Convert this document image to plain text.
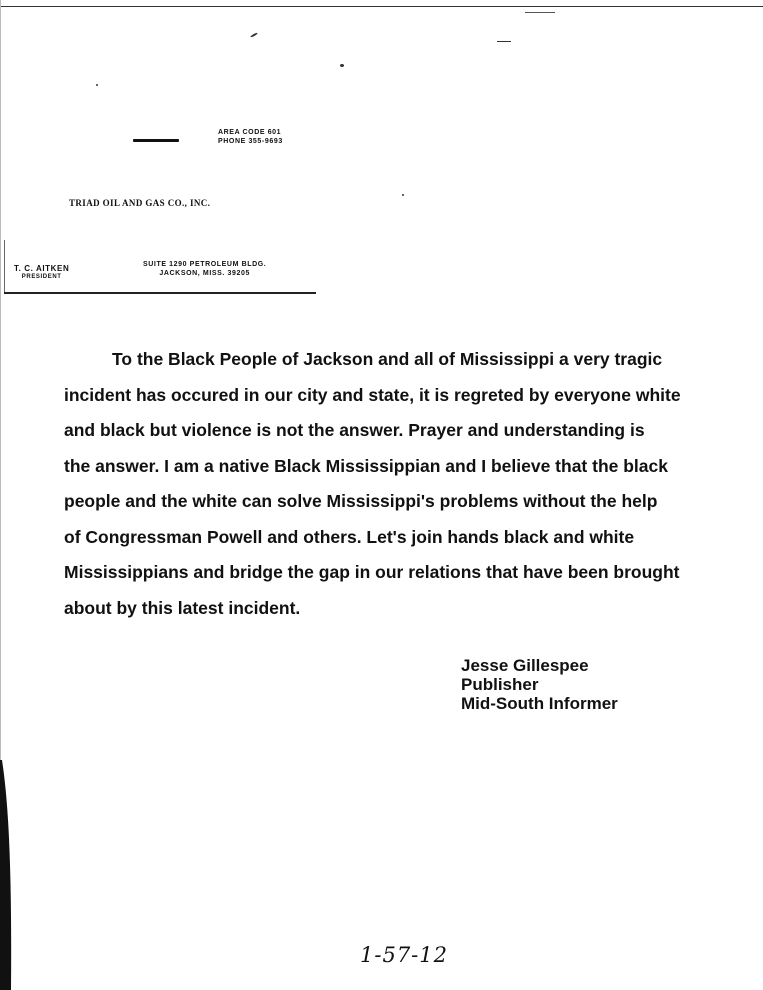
AREA CODE 601
PHONE 355-9693
TRIAD OIL AND GAS CO., INC.
T. C. AITKEN
PRESIDENT
SUITE 1290 PETROLEUM BLDG.
JACKSON, MISS. 39205
To the Black People of Jackson and all of Mississippi a very tragic
incident has occured in our city and state, it is regreted by everyone white
and black but violence is not the answer. Prayer and understanding is
the answer. I am a native Black Mississippian and I believe that the black
people and the white can solve Mississippi's problems without the help
of Congressman Powell and others. Let's join hands black and white
Mississippians and bridge the gap in our relations that have been brought
about by this latest incident.
Jesse Gillespee
Publisher
Mid-South Informer
1-57-12
